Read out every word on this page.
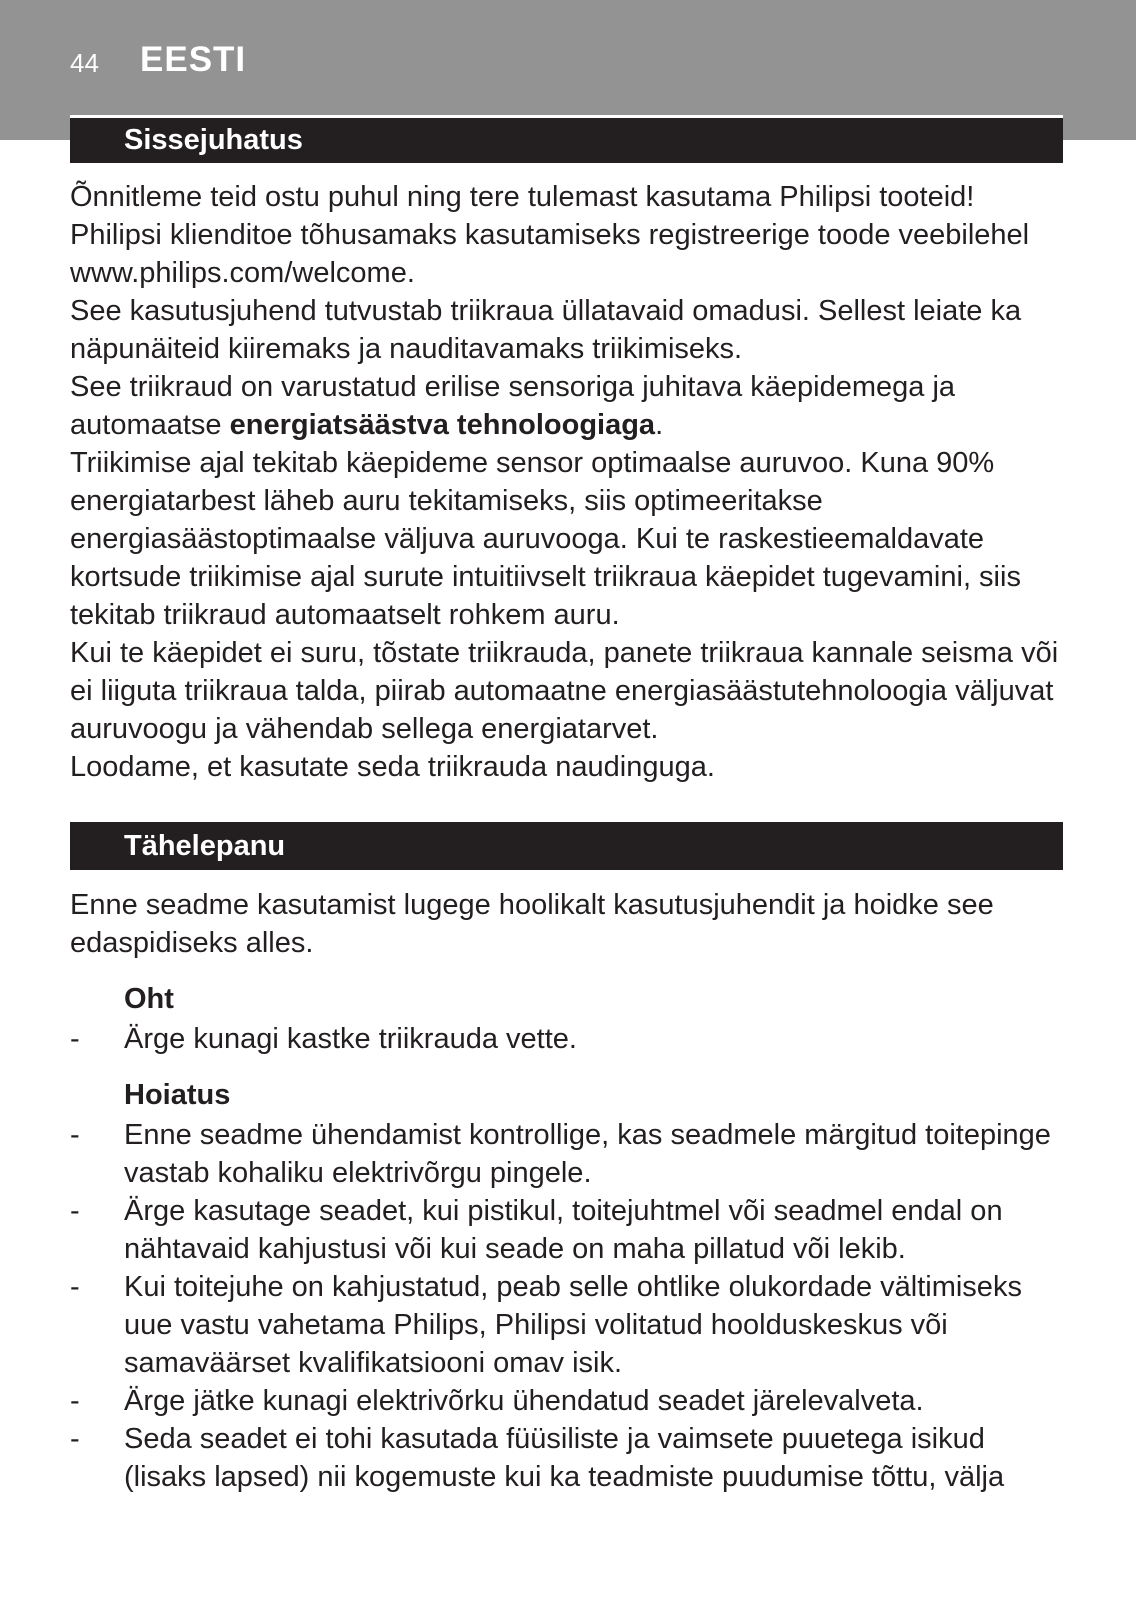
44 EESTI
Sissejuhatus

Õnnitleme teid ostu puhul ning tere tulemast kasutama Philipsi tooteid! Philipsi klienditoe tõhusamaks kasutamiseks registreerige toode veebilehel www.philips.com/welcome.

See kasutusjuhend tutvustab triikraua üllatavaid omadusi. Sellest leiate ka näpunäiteid kiiremaks ja nauditavamaks triikimiseks.

See triikraud on varustatud erilise sensoriga juhitava käepidemega ja automaatse energiatsäästva tehnoloogiaga.

Triikimise ajal tekitab käepideme sensor optimaalse auruvoo. Kuna 90% energiatarbest läheb auru tekitamiseks, siis optimeeritakse energiasäästoptimaalse väljuva auruvooga. Kui te raskestieemaldavate kortsude triikimise ajal surute intuitiivselt triikraua käepidet tugevamini, siis tekitab triikraud automaatselt rohkem auru.

Kui te käepidet ei suru, tõstate triikrauda, panete triikraua kannale seisma või ei liiguta triikraua talda, piirab automaatne energiasäästutehnoloogia väljuvat auruvoogu ja vähendab sellega energiatarvet.

Loodame, et kasutate seda triikrauda naudinguga.

Tähelepanu

Enne seadme kasutamist lugege hoolikalt kasutusjuhendit ja hoidke see edaspidiseks alles.

Oht
- Ärge kunagi kastke triikrauda vette.
Hoiatus
- Enne seadme ühendamist kontrollige, kas seadmele märgitud toitepinge vastab kohaliku elektrivõrgu pingele.
- Ärge kasutage seadet, kui pistikul, toitejuhtmel või seadmel endal on nähtavaid kahjustusi või kui seade on maha pillatud või lekib.
- Kui toitejuhe on kahjustatud, peab selle ohtlike olukordade vältimiseks uue vastu vahetama Philips, Philipsi volitatud hoolduskeskus või samaväärset kvalifikatsiooni omav isik.
- Ärge jätke kunagi elektrivõrku ühendatud seadet järelevalveta.
- Seda seadet ei tohi kasutada füüsiliste ja vaimsete puuetega isikud (lisaks lapsed) nii kogemuste kui ka teadmiste puudumise tõttu, välja
